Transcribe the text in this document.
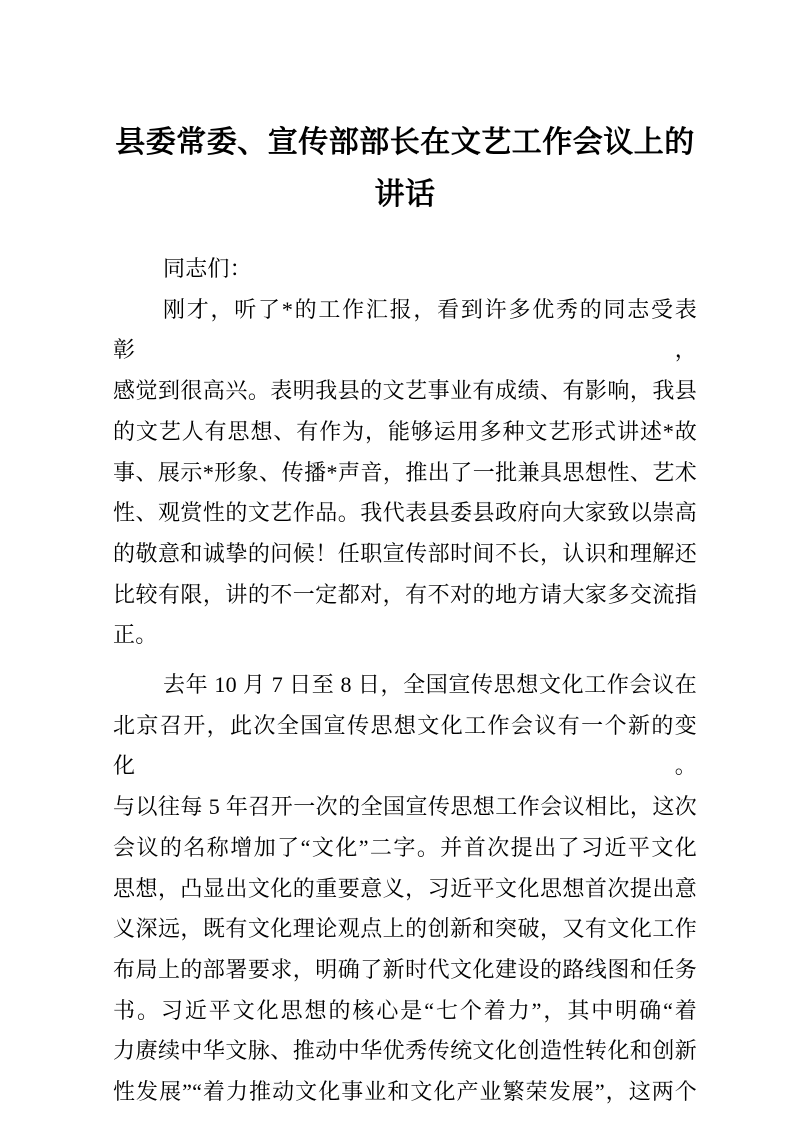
县委常委、宣传部部长在文艺工作会议上的
讲话
同志们：
刚才，听了*的工作汇报，看到许多优秀的同志受表彰，
感觉到很高兴。表明我县的文艺事业有成绩、有影响，我县
的文艺人有思想、有作为，能够运用多种文艺形式讲述*故
事、展示*形象、传播*声音，推出了一批兼具思想性、艺术
性、观赏性的文艺作品。我代表县委县政府向大家致以崇高
的敬意和诚挚的问候！任职宣传部时间不长，认识和理解还
比较有限，讲的不一定都对，有不对的地方请大家多交流指
正。
去年 10 月 7 日至 8 日，全国宣传思想文化工作会议在
北京召开，此次全国宣传思想文化工作会议有一个新的变化。
与以往每 5 年召开一次的全国宣传思想工作会议相比，这次
会议的名称增加了“文化”二字。并首次提出了习近平文化
思想，凸显出文化的重要意义，习近平文化思想首次提出意
义深远，既有文化理论观点上的创新和突破，又有文化工作
布局上的部署要求，明确了新时代文化建设的路线图和任务
书。习近平文化思想的核心是“七个着力”，其中明确“着
力赓续中华文脉、推动中华优秀传统文化创造性转化和创新
性发展”“着力推动文化事业和文化产业繁荣发展”，这两个
